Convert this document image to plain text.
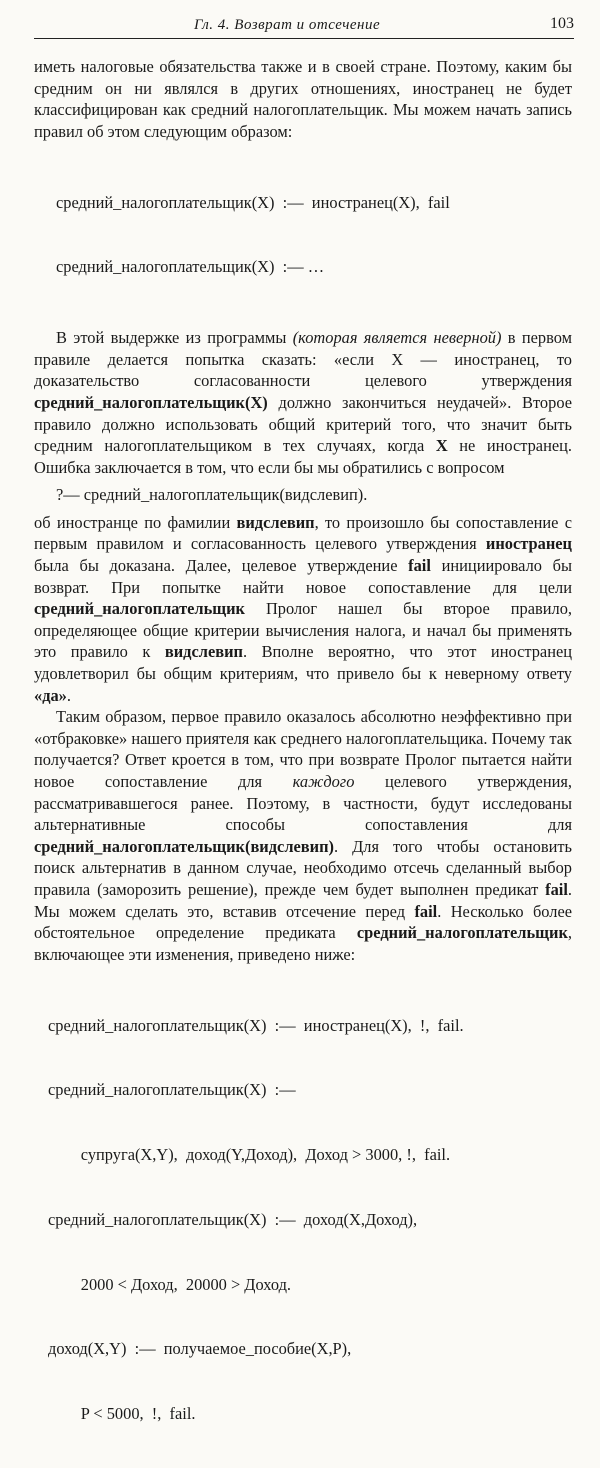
Гл. 4. Возврат и отсечение	103

иметь налоговые обязательства также и в своей стране. Поэтому, каким бы средним он ни являлся в других отношениях, иностранец не будет классифицирован как средний налогоплательщик. Мы можем начать запись правил об этом следующим образом:

средний_налогоплательщик(X)  :—  иностранец(X),  fail

средний_налогоплательщик(X)  :— …

В этой выдержке из программы (которая является неверной) в первом правиле делается попытка сказать: «если X — иностранец, то доказательство согласованности целевого утверждения средний_налогоплательщик(X) должно закончиться неудачей». Второе правило должно использовать общий критерий того, что значит быть средним налогоплательщиком в тех случаях, когда X не иностранец. Ошибка заключается в том, что если бы мы обратились с вопросом

?— средний_налогоплательщик(видслевип).

об иностранце по фамилии видслевип, то произошло бы сопоставление с первым правилом и согласованность целевого утверждения иностранец была бы доказана. Далее, целевое утверждение fail инициировало бы возврат. При попытке найти новое сопоставление для цели средний_налогоплательщик Пролог нашел бы второе правило, определяющее общие критерии вычисления налога, и начал бы применять это правило к видслевип. Вполне вероятно, что этот иностранец удовлетворил бы общим критериям, что привело бы к неверному ответу «да».

Таким образом, первое правило оказалось абсолютно неэффективно при «отбраковке» нашего приятеля как среднего налогоплательщика. Почему так получается? Ответ кроется в том, что при возврате Пролог пытается найти новое сопоставление для каждого целевого утверждения, рассматривавшегося ранее. Поэтому, в частности, будут исследованы альтернативные способы сопоставления для средний_налогоплательщик(видслевип). Для того чтобы остановить поиск альтернатив в данном случае, необходимо отсечь сделанный выбор правила (заморозить решение), прежде чем будет выполнен предикат fail. Мы можем сделать это, вставив отсечение перед fail. Несколько более обстоятельное определение предиката средний_налогоплательщик, включающее эти изменения, приведено ниже:

средний_налогоплательщик(X)  :—  иностранец(X),  !,  fail.

средний_налогоплательщик(X)  :—

супруга(X,Y),  доход(Y,Доход),  Доход > 3000, !,  fail.

средний_налогоплательщик(X)  :—  доход(X,Доход),

2000 < Доход,  20000 > Доход.

доход(X,Y)  :—  получаемое_пособие(X,P),

P < 5000,  !,  fail.
